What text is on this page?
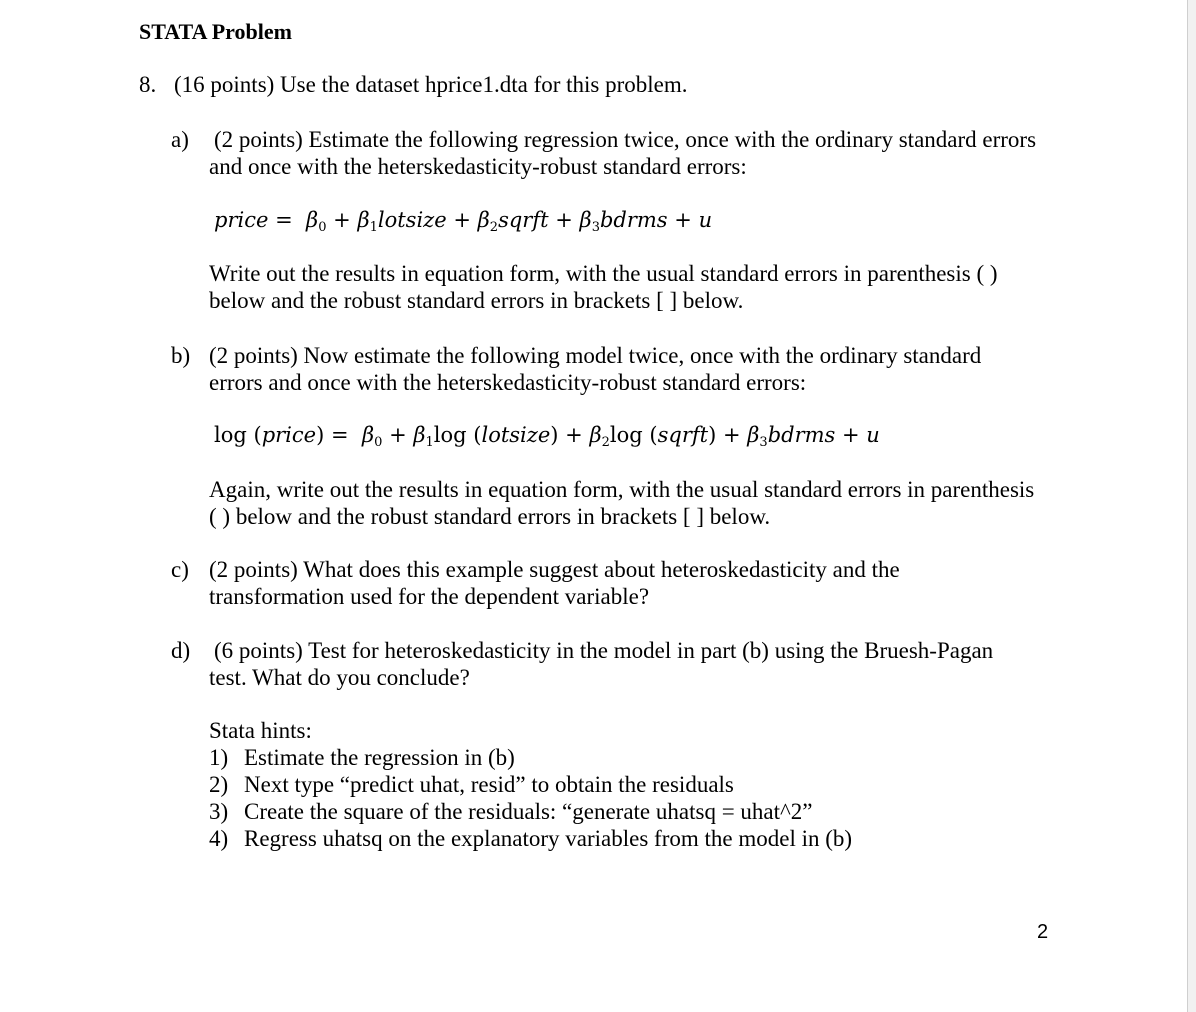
STATA Problem
8. (16 points) Use the dataset hprice1.dta for this problem.
a) (2 points) Estimate the following regression twice, once with the ordinary standard errors
and once with the heterskedasticity-robust standard errors:
price = $\beta_0$ + $\beta_1lotsize$ + $\beta_2sqrft$ + $\beta_3bdrms + u$
Write out the results in equation form, with the usual standard errors in parenthesis ( )
below and the robust standard errors in brackets [ ] below.
b) (2 points) Now estimate the following model twice, once with the ordinary standard
errors and once with the heterskedasticity-robust standard errors:
log (price) = $\beta_0 + \beta_1\log$ (lotsize) + $\beta_2\log$ (sqrft) + $\beta_3bdrms + u$
Again, write out the results in equation form, with the usual standard errors in parenthesis
( ) below and the robust standard errors in brackets [ ] below.
c) (2 points) What does this example suggest about heteroskedasticity and the
transformation used for the dependent variable?
d) (6 points) Test for heteroskedasticity in the model in part (b) using the Bruesh-Pagan
test. What do you conclude?
Stata hints:
1) Estimate the regression in (b)
2) Next type “predict uhat, resid” to obtain the residuals
3) Create the square of the residuals: “generate uhatsq = uhat^2”
4) Regress uhatsq on the explanatory variables from the model in (b)
2
